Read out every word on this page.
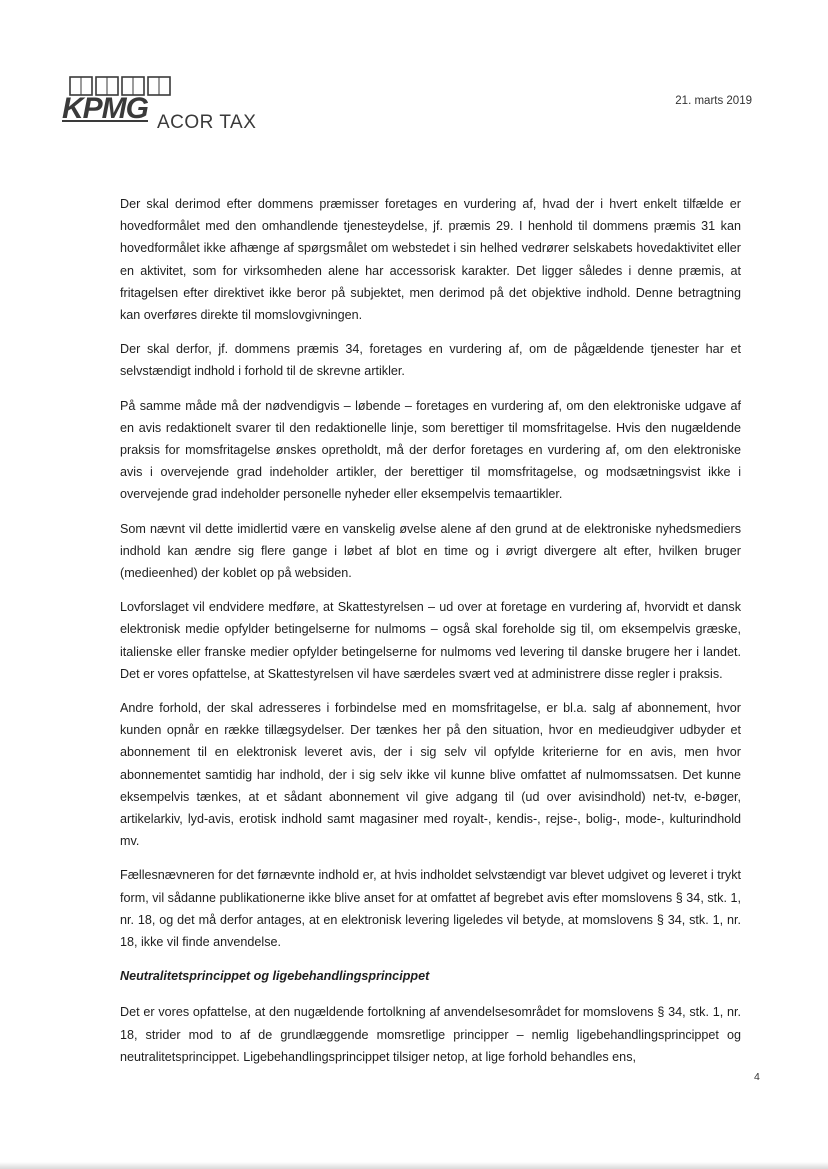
KPMG ACOR TAX
21. marts 2019

Der skal derimod efter dommens præmisser foretages en vurdering af, hvad der i hvert enkelt tilfælde er hovedformålet med den omhandlende tjenesteydelse, jf. præmis 29. I henhold til dommens præmis 31 kan hovedformålet ikke afhænge af spørgsmålet om webstedet i sin helhed vedrører selskabets hovedaktivitet eller en aktivitet, som for virksomheden alene har accessorisk karakter. Det ligger således i denne præmis, at fritagelsen efter direktivet ikke beror på subjektet, men derimod på det objektive indhold. Denne betragtning kan overføres direkte til momslovgivningen.

Der skal derfor, jf. dommens præmis 34, foretages en vurdering af, om de pågældende tjenester har et selvstændigt indhold i forhold til de skrevne artikler.

På samme måde må der nødvendigvis – løbende – foretages en vurdering af, om den elektroniske udgave af en avis redaktionelt svarer til den redaktionelle linje, som berettiger til momsfritagelse. Hvis den nugældende praksis for momsfritagelse ønskes opretholdt, må der derfor foretages en vurdering af, om den elektroniske avis i overvejende grad indeholder artikler, der berettiger til momsfritagelse, og modsætningsvist ikke i overvejende grad indeholder personelle nyheder eller eksempelvis temaartikler.

Som nævnt vil dette imidlertid være en vanskelig øvelse alene af den grund at de elektroniske nyhedsmediers indhold kan ændre sig flere gange i løbet af blot en time og i øvrigt divergere alt efter, hvilken bruger (medieenhed) der koblet op på websiden.

Lovforslaget vil endvidere medføre, at Skattestyrelsen – ud over at foretage en vurdering af, hvorvidt et dansk elektronisk medie opfylder betingelserne for nulmoms – også skal foreholde sig til, om eksempelvis græske, italienske eller franske medier opfylder betingelserne for nulmoms ved levering til danske brugere her i landet. Det er vores opfattelse, at Skattestyrelsen vil have særdeles svært ved at administrere disse regler i praksis.

Andre forhold, der skal adresseres i forbindelse med en momsfritagelse, er bl.a. salg af abonnement, hvor kunden opnår en række tillægsydelser. Der tænkes her på den situation, hvor en medieudgiver udbyder et abonnement til en elektronisk leveret avis, der i sig selv vil opfylde kriterierne for en avis, men hvor abonnementet samtidig har indhold, der i sig selv ikke vil kunne blive omfattet af nulmomssatsen. Det kunne eksempelvis tænkes, at et sådant abonnement vil give adgang til (ud over avisindhold) net-tv, e-bøger, artikelarkiv, lyd-avis, erotisk indhold samt magasiner med royalt-, kendis-, rejse-, bolig-, mode-, kulturindhold mv.

Fællesnævneren for det førnævnte indhold er, at hvis indholdet selvstændigt var blevet udgivet og leveret i trykt form, vil sådanne publikationerne ikke blive anset for at omfattet af begrebet avis efter momslovens § 34, stk. 1, nr. 18, og det må derfor antages, at en elektronisk levering ligeledes vil betyde, at momslovens § 34, stk. 1, nr. 18, ikke vil finde anvendelse.

Neutralitetsprincippet og ligebehandlingsprincippet

Det er vores opfattelse, at den nugældende fortolkning af anvendelsesområdet for momslovens § 34, stk. 1, nr. 18, strider mod to af de grundlæggende momsretlige principper – nemlig ligebehandlingsprincippet og neutralitetsprincippet. Ligebehandlingsprincippet tilsiger netop, at lige forhold behandles ens,

4
